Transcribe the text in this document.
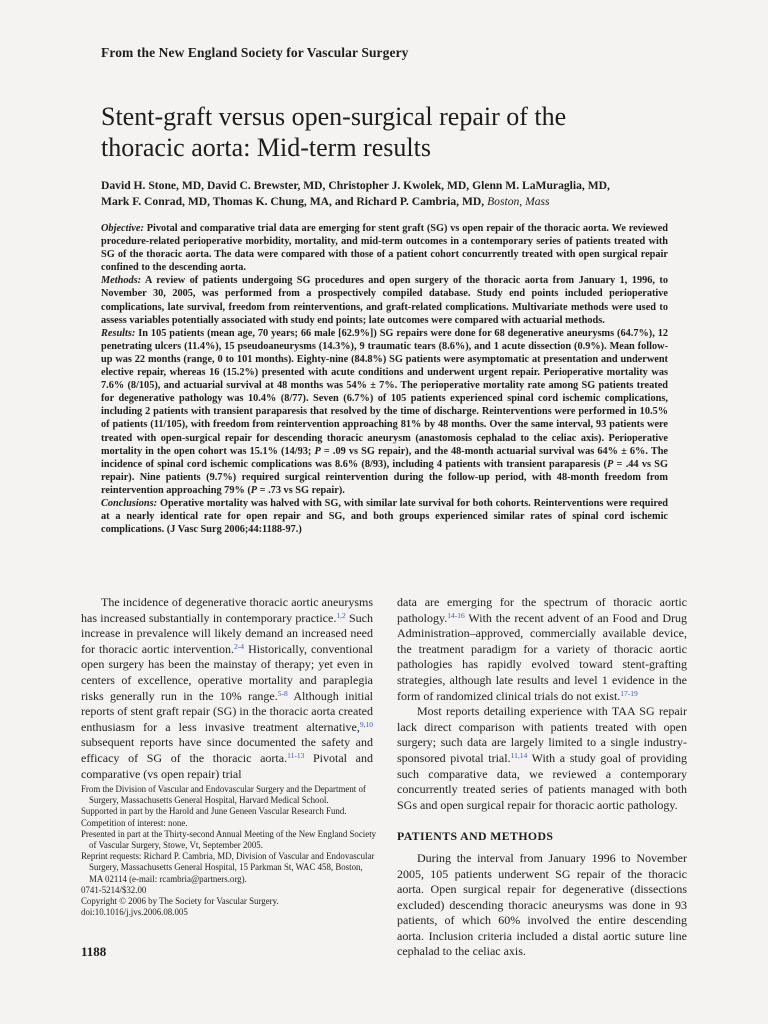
From the New England Society for Vascular Surgery
Stent-graft versus open-surgical repair of the
thoracic aorta: Mid-term results
David H. Stone, MD, David C. Brewster, MD, Christopher J. Kwolek, MD, Glenn M. LaMuraglia, MD,
Mark F. Conrad, MD, Thomas K. Chung, MA, and Richard P. Cambria, MD, Boston, Mass

Objective: Pivotal and comparative trial data are emerging for stent graft (SG) vs open repair of the thoracic aorta. We reviewed procedure-related perioperative morbidity, mortality, and mid-term outcomes in a contemporary series of patients treated with SG of the thoracic aorta. The data were compared with those of a patient cohort concurrently treated with open surgical repair confined to the descending aorta.

Methods: A review of patients undergoing SG procedures and open surgery of the thoracic aorta from January 1, 1996, to November 30, 2005, was performed from a prospectively compiled database. Study end points included perioperative complications, late survival, freedom from reinterventions, and graft-related complications. Multivariate methods were used to assess variables potentially associated with study end points; late outcomes were compared with actuarial methods.

Results: In 105 patients (mean age, 70 years; 66 male [62.9%]) SG repairs were done for 68 degenerative aneurysms (64.7%), 12 penetrating ulcers (11.4%), 15 pseudoaneurysms (14.3%), 9 traumatic tears (8.6%), and 1 acute dissection (0.9%). Mean follow-up was 22 months (range, 0 to 101 months). Eighty-nine (84.8%) SG patients were asymptomatic at presentation and underwent elective repair, whereas 16 (15.2%) presented with acute conditions and underwent urgent repair. Perioperative mortality was 7.6% (8/105), and actuarial survival at 48 months was 54% ± 7%. The perioperative mortality rate among SG patients treated for degenerative pathology was 10.4% (8/77). Seven (6.7%) of 105 patients experienced spinal cord ischemic complications, including 2 patients with transient paraparesis that resolved by the time of discharge. Reinterventions were performed in 10.5% of patients (11/105), with freedom from reintervention approaching 81% by 48 months. Over the same interval, 93 patients were treated with open-surgical repair for descending thoracic aneurysm (anastomosis cephalad to the celiac axis). Perioperative mortality in the open cohort was 15.1% (14/93; P = .09 vs SG repair), and the 48-month actuarial survival was 64% ± 6%. The incidence of spinal cord ischemic complications was 8.6% (8/93), including 4 patients with transient paraparesis (P = .44 vs SG repair). Nine patients (9.7%) required surgical reintervention during the follow-up period, with 48-month freedom from reintervention approaching 79% (P = .73 vs SG repair).

Conclusions: Operative mortality was halved with SG, with similar late survival for both cohorts. Reinterventions were required at a nearly identical rate for open repair and SG, and both groups experienced similar rates of spinal cord ischemic complications. (J Vasc Surg 2006;44:1188-97.)

The incidence of degenerative thoracic aortic aneurysms has increased substantially in contemporary practice.$^{1,2}$ Such increase in prevalence will likely demand an increased need for thoracic aortic intervention.$^{2-4}$ Historically, conventional open surgery has been the mainstay of therapy; yet even in centers of excellence, operative mortality and paraplegia risks generally run in the 10% range.$^{5-8}$ Although initial reports of stent graft repair (SG) in the thoracic aorta created enthusiasm for a less invasive treatment alternative,$^{9,10}$ subsequent reports have since documented the safety and efficacy of SG of the thoracic aorta.$^{11-13}$ Pivotal and comparative (vs open repair) trial

From the Division of Vascular and Endovascular Surgery and the Department of Surgery, Massachusetts General Hospital, Harvard Medical School.

Supported in part by the Harold and June Geneen Vascular Research Fund.

Competition of interest: none.

Presented in part at the Thirty-second Annual Meeting of the New England Society of Vascular Surgery, Stowe, Vt, September 2005.

Reprint requests: Richard P. Cambria, MD, Division of Vascular and Endovascular Surgery, Massachusetts General Hospital, 15 Parkman St, WAC 458, Boston, MA 02114 (e-mail: rcambria@partners.org).

0741-5214/$32.00

Copyright © 2006 by The Society for Vascular Surgery.

doi:10.1016/j.jvs.2006.08.005

data are emerging for the spectrum of thoracic aortic pathology.$^{14-16}$ With the recent advent of an Food and Drug Administration–approved, commercially available device, the treatment paradigm for a variety of thoracic aortic pathologies has rapidly evolved toward stent-grafting strategies, although late results and level 1 evidence in the form of randomized clinical trials do not exist.$^{17-19}$

Most reports detailing experience with TAA SG repair lack direct comparison with patients treated with open surgery; such data are largely limited to a single industry-sponsored pivotal trial.$^{11,14}$ With a study goal of providing such comparative data, we reviewed a contemporary concurrently treated series of patients managed with both SGs and open surgical repair for thoracic aortic pathology.

PATIENTS AND METHODS

During the interval from January 1996 to November 2005, 105 patients underwent SG repair of the thoracic aorta. Open surgical repair for degenerative (dissections excluded) descending thoracic aneurysms was done in 93 patients, of which 60% involved the entire descending aorta. Inclusion criteria included a distal aortic suture line cephalad to the celiac axis.

1188
